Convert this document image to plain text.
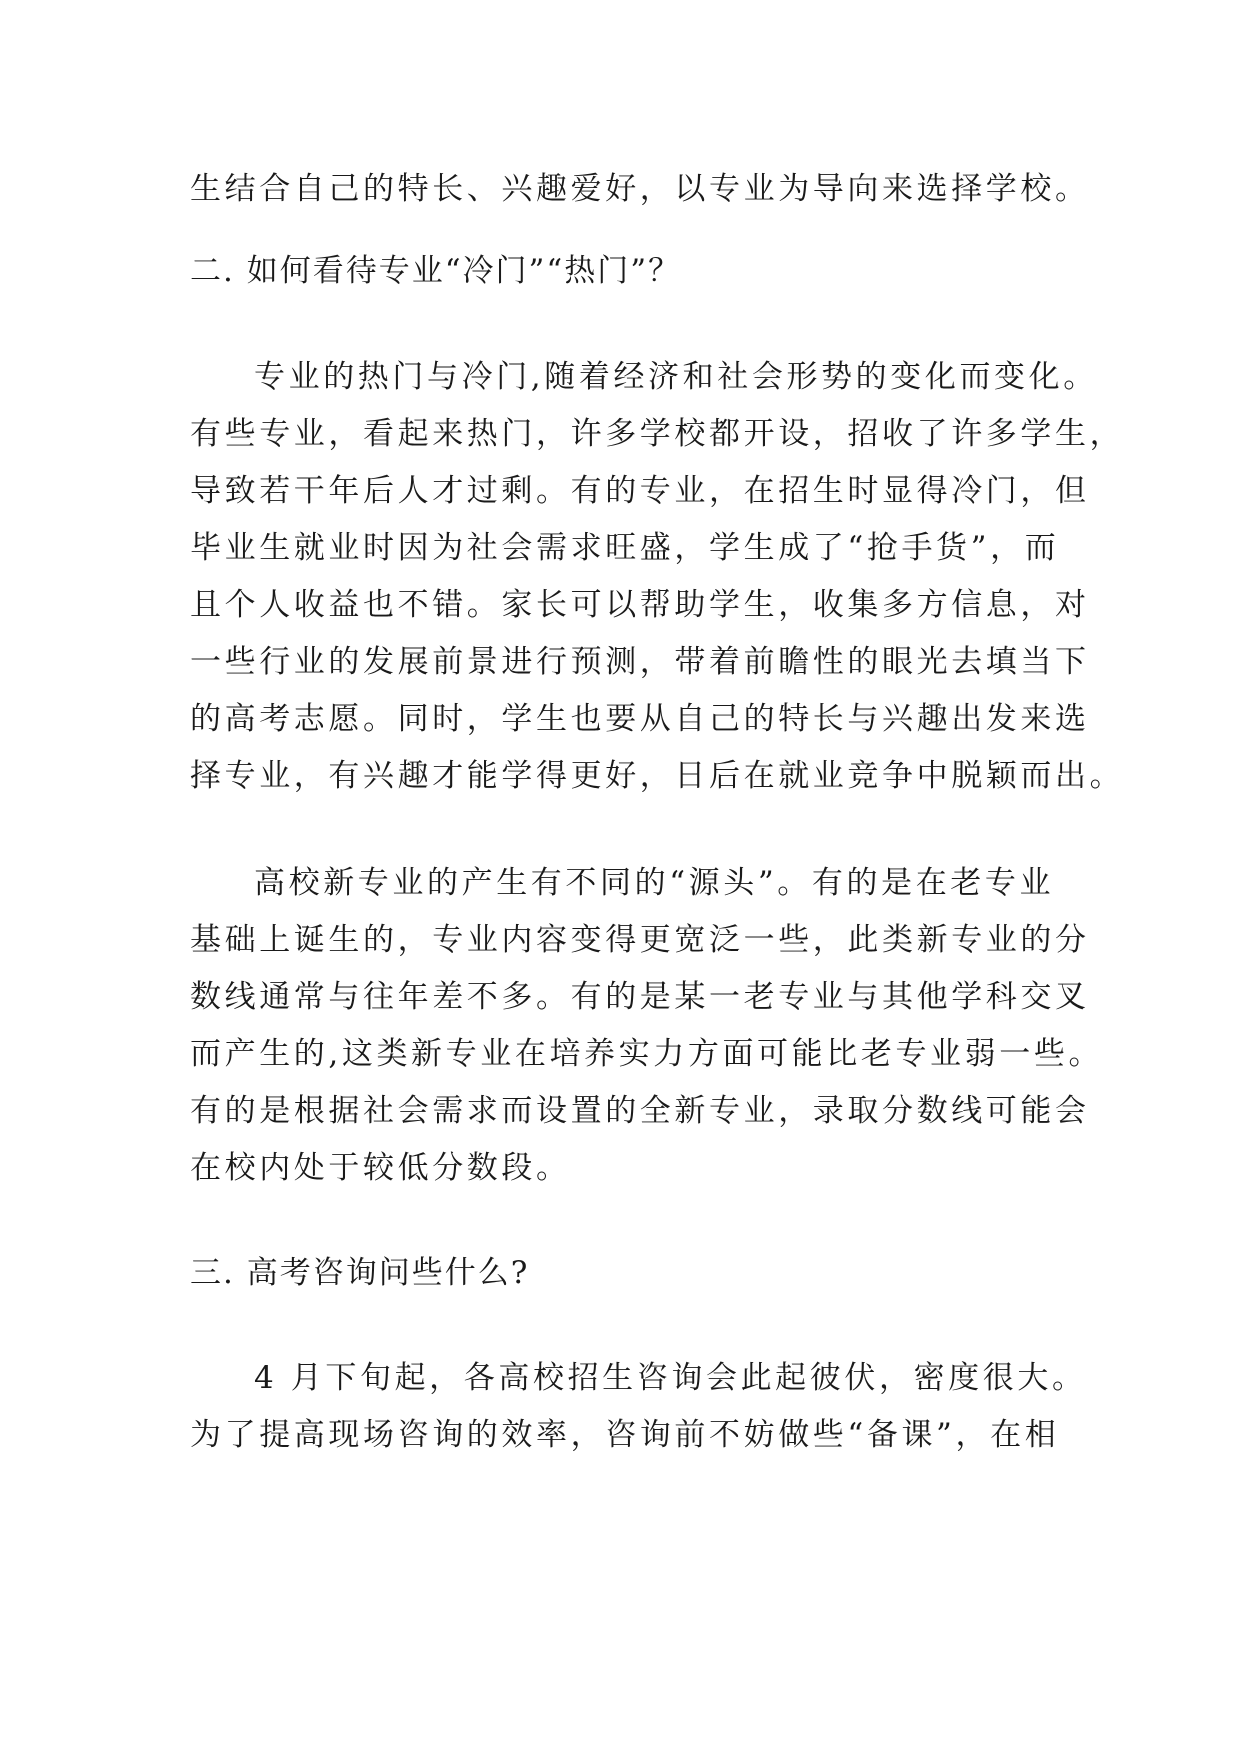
生结合自己的特长、兴趣爱好，以专业为导向来选择学校。
二. 如何看待专业“冷门”“热门”？
专业的热门与冷门,随着经济和社会形势的变化而变化。
有些专业，看起来热门，许多学校都开设，招收了许多学生，
导致若干年后人才过剩。有的专业，在招生时显得冷门，但
毕业生就业时因为社会需求旺盛，学生成了“抢手货”，而
且个人收益也不错。家长可以帮助学生，收集多方信息，对
一些行业的发展前景进行预测，带着前瞻性的眼光去填当下
的高考志愿。同时，学生也要从自己的特长与兴趣出发来选
择专业，有兴趣才能学得更好，日后在就业竞争中脱颖而出。
高校新专业的产生有不同的“源头”。有的是在老专业
基础上诞生的，专业内容变得更宽泛一些，此类新专业的分
数线通常与往年差不多。有的是某一老专业与其他学科交叉
而产生的,这类新专业在培养实力方面可能比老专业弱一些。
有的是根据社会需求而设置的全新专业，录取分数线可能会
在校内处于较低分数段。
三. 高考咨询问些什么?
4 月下旬起，各高校招生咨询会此起彼伏，密度很大。
为了提高现场咨询的效率，咨询前不妨做些“备课”，在相
